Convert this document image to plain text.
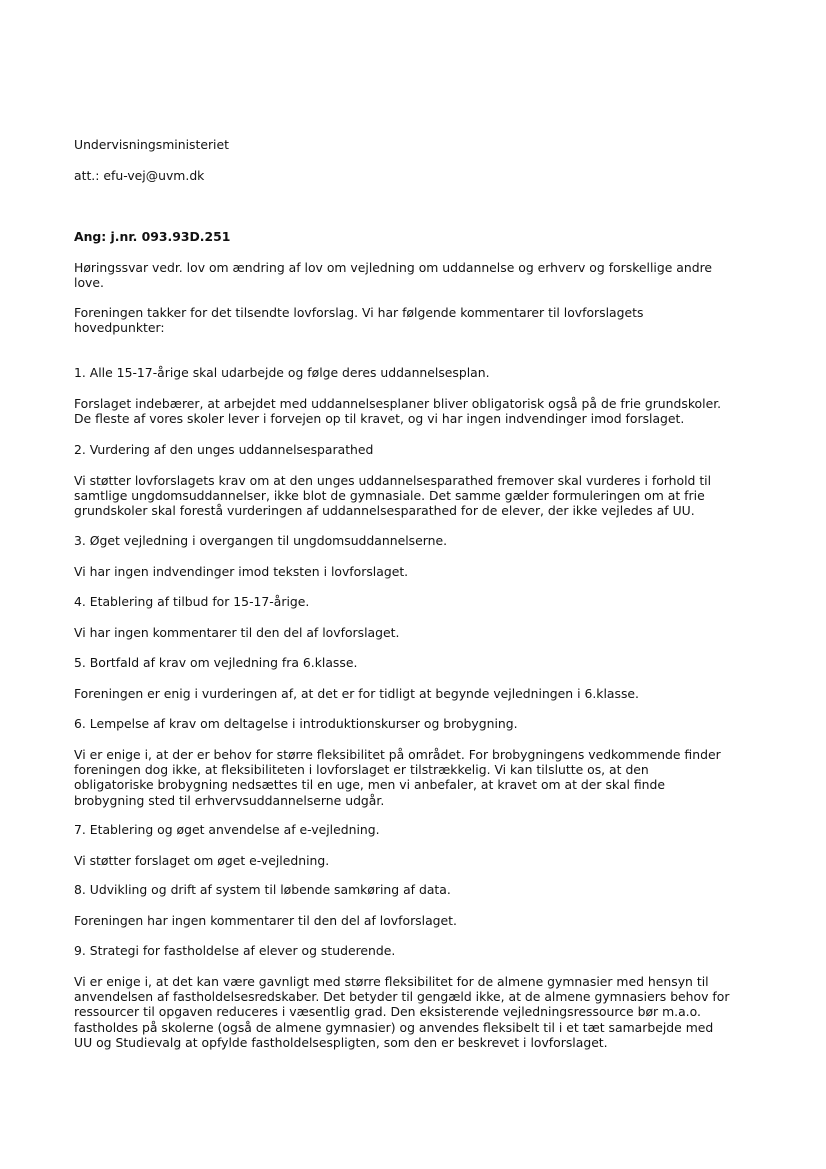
Undervisningsministeriet

att.: efu-vej@uvm.dk

Ang: j.nr. 093.93D.251
Høringssvar vedr. lov om ændring af lov om vejledning om uddannelse og erhverv og forskellige andre
love.
Foreningen takker for det tilsendte lovforslag. Vi har følgende kommentarer til lovforslagets
hovedpunkter:

1. Alle 15-17-årige skal udarbejde og følge deres uddannelsesplan.

Forslaget indebærer, at arbejdet med uddannelsesplaner bliver obligatorisk også på de frie grundskoler.
De fleste af vores skoler lever i forvejen op til kravet, og vi har ingen indvendinger imod forslaget.

2. Vurdering af den unges uddannelsesparathed

Vi støtter lovforslagets krav om at den unges uddannelsesparathed fremover skal vurderes i forhold til
samtlige ungdomsuddannelser, ikke blot de gymnasiale. Det samme gælder formuleringen om at frie
grundskoler skal forestå vurderingen af uddannelsesparathed for de elever, der ikke vejledes af UU.

3. Øget vejledning i overgangen til ungdomsuddannelserne.

Vi har ingen indvendinger imod teksten i lovforslaget.

4. Etablering af tilbud for 15-17-årige.

Vi har ingen kommentarer til den del af lovforslaget.

5. Bortfald af krav om vejledning fra 6.klasse.

Foreningen er enig i vurderingen af, at det er for tidligt at begynde vejledningen i 6.klasse.

6. Lempelse af krav om deltagelse i introduktionskurser og brobygning.

Vi er enige i, at der er behov for større fleksibilitet på området. For brobygningens vedkommende finder
foreningen dog ikke, at fleksibiliteten i lovforslaget er tilstrækkelig. Vi kan tilslutte os, at den
obligatoriske brobygning nedsættes til en uge, men vi anbefaler, at kravet om at der skal finde
brobygning sted til erhvervsuddannelserne udgår.

7. Etablering og øget anvendelse af e-vejledning.

Vi støtter forslaget om øget e-vejledning.

8. Udvikling og drift af system til løbende samkøring af data.

Foreningen har ingen kommentarer til den del af lovforslaget.

9. Strategi for fastholdelse af elever og studerende.

Vi er enige i, at det kan være gavnligt med større fleksibilitet for de almene gymnasier med hensyn til
anvendelsen af fastholdelsesredskaber. Det betyder til gengæld ikke, at de almene gymnasiers behov for
ressourcer til opgaven reduceres i væsentlig grad. Den eksisterende vejledningsressource bør m.a.o.
fastholdes på skolerne (også de almene gymnasier) og anvendes fleksibelt til i et tæt samarbejde med
UU og Studievalg at opfylde fastholdelsespligten, som den er beskrevet i lovforslaget.
